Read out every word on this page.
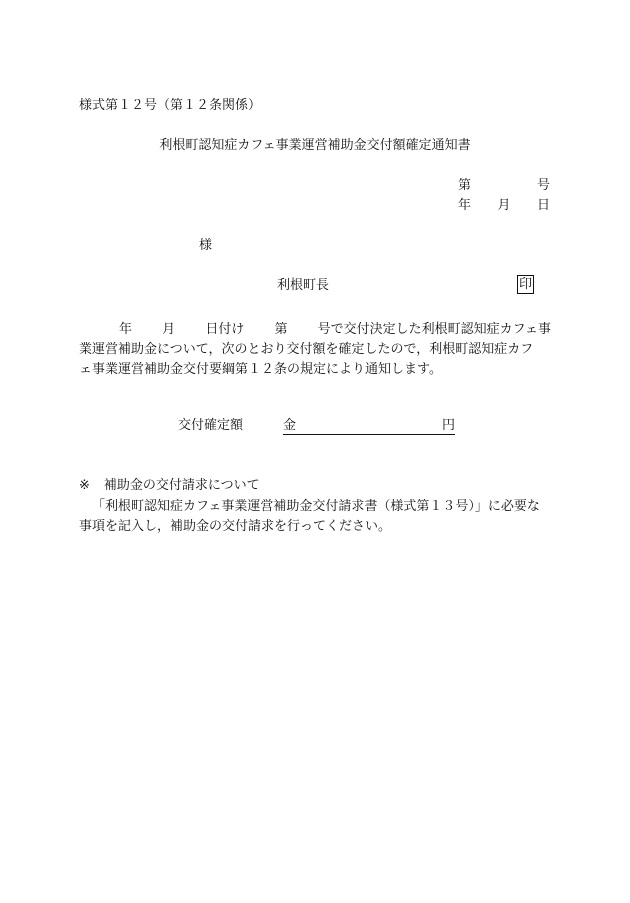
様式第１２号（第１２条関係）
利根町認知症カフェ事業運営補助金交付額確定通知書
第	号
年 月 日
様
利根町長	印
年 月 日付け 第 号で交付決定した利根町認知症カフェ事
業運営補助金について，次のとおり交付額を確定したので，利根町認知症カフ
ェ事業運営補助金交付要綱第１２条の規定により通知します。
交付確定額	金	円
※ 補助金の交付請求について
「利根町認知症カフェ事業運営補助金交付請求書（様式第１３号）」に必要な
事項を記入し，補助金の交付請求を行ってください。
